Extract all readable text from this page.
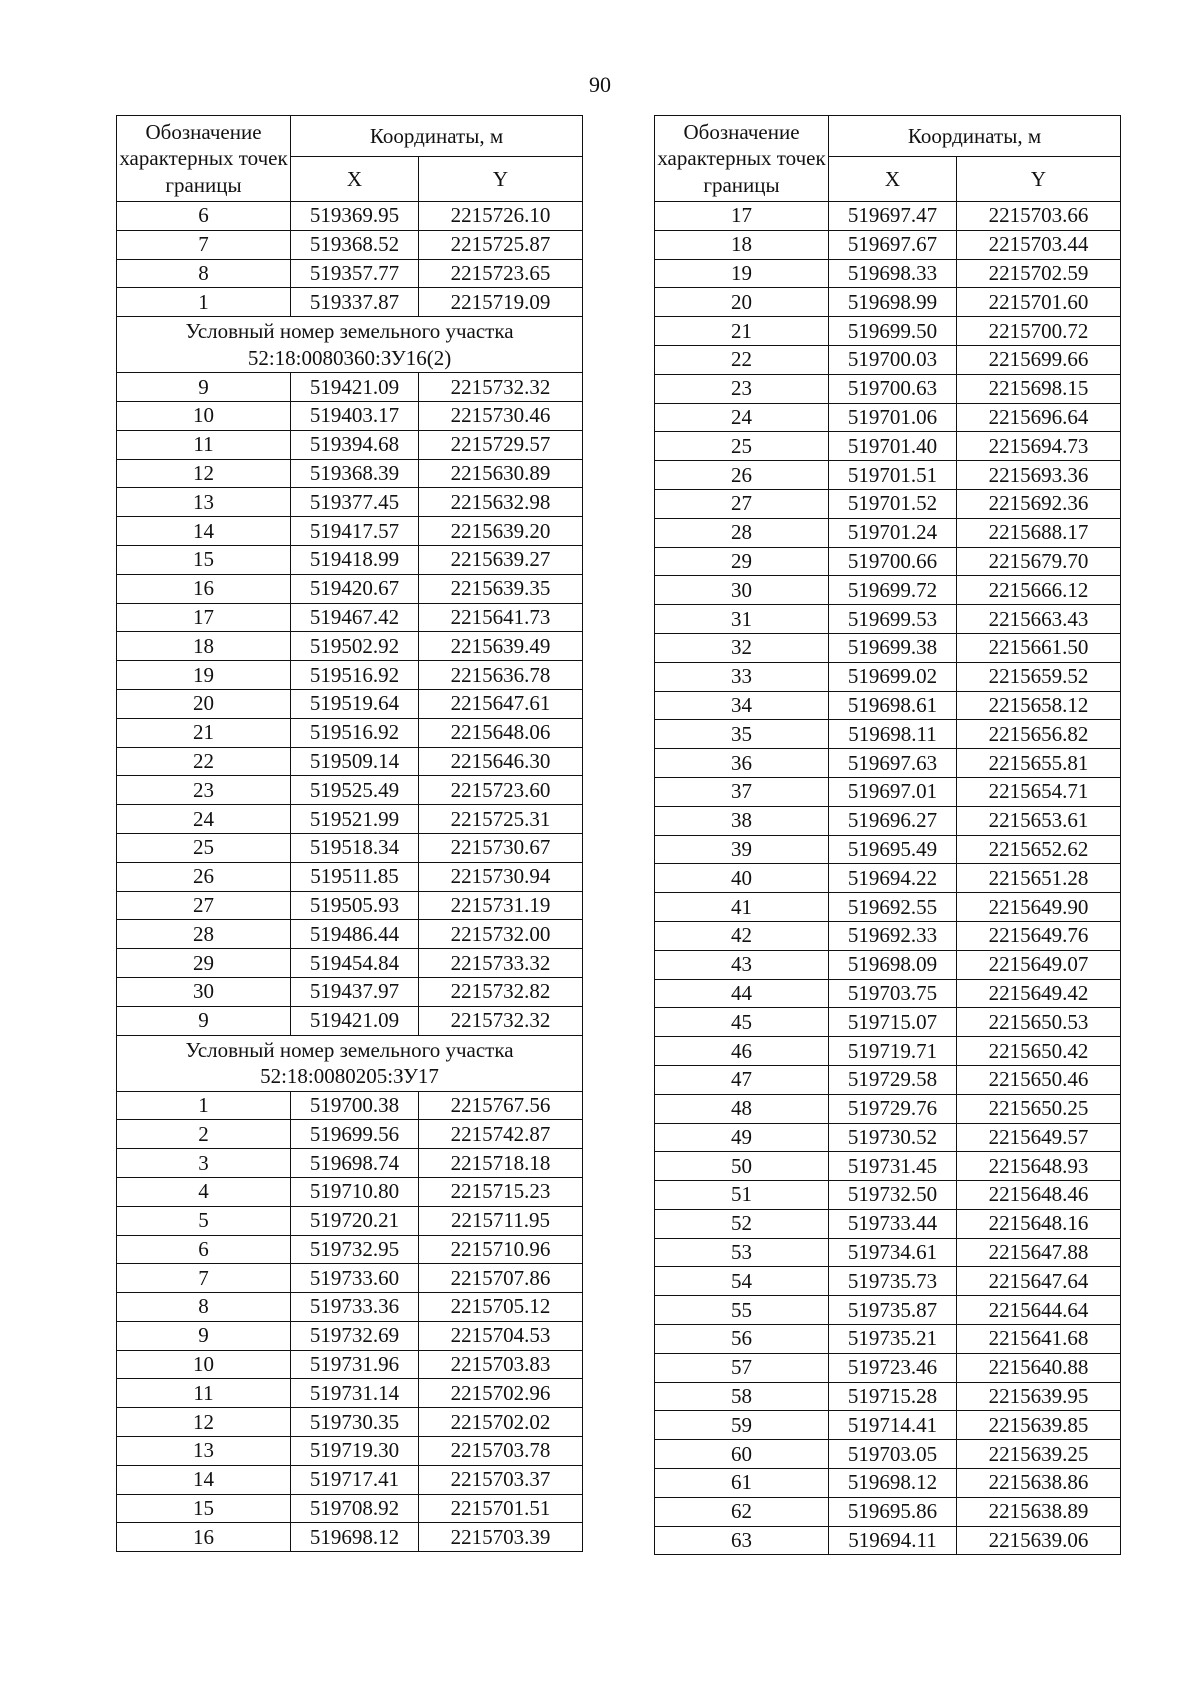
90
Обозначение характерных точек границы	Координаты, м	
	X	Y
6	519369.95	2215726.10
7	519368.52	2215725.87
8	519357.77	2215723.65
1	519337.87	2215719.09
Условный номер земельного участка 52:18:0080360:ЗУ16(2)		
9	519421.09	2215732.32
10	519403.17	2215730.46
11	519394.68	2215729.57
12	519368.39	2215630.89
13	519377.45	2215632.98
14	519417.57	2215639.20
15	519418.99	2215639.27
16	519420.67	2215639.35
17	519467.42	2215641.73
18	519502.92	2215639.49
19	519516.92	2215636.78
20	519519.64	2215647.61
21	519516.92	2215648.06
22	519509.14	2215646.30
23	519525.49	2215723.60
24	519521.99	2215725.31
25	519518.34	2215730.67
26	519511.85	2215730.94
27	519505.93	2215731.19
28	519486.44	2215732.00
29	519454.84	2215733.32
30	519437.97	2215732.82
9	519421.09	2215732.32
Условный номер земельного участка 52:18:0080205:ЗУ17		
1	519700.38	2215767.56
2	519699.56	2215742.87
3	519698.74	2215718.18
4	519710.80	2215715.23
5	519720.21	2215711.95
6	519732.95	2215710.96
7	519733.60	2215707.86
8	519733.36	2215705.12
9	519732.69	2215704.53
10	519731.96	2215703.83
11	519731.14	2215702.96
12	519730.35	2215702.02
13	519719.30	2215703.78
14	519717.41	2215703.37
15	519708.92	2215701.51
16	519698.12	2215703.39
Обозначение характерных точек границы	Координаты, м	
	X	Y
17	519697.47	2215703.66
18	519697.67	2215703.44
19	519698.33	2215702.59
20	519698.99	2215701.60
21	519699.50	2215700.72
22	519700.03	2215699.66
23	519700.63	2215698.15
24	519701.06	2215696.64
25	519701.40	2215694.73
26	519701.51	2215693.36
27	519701.52	2215692.36
28	519701.24	2215688.17
29	519700.66	2215679.70
30	519699.72	2215666.12
31	519699.53	2215663.43
32	519699.38	2215661.50
33	519699.02	2215659.52
34	519698.61	2215658.12
35	519698.11	2215656.82
36	519697.63	2215655.81
37	519697.01	2215654.71
38	519696.27	2215653.61
39	519695.49	2215652.62
40	519694.22	2215651.28
41	519692.55	2215649.90
42	519692.33	2215649.76
43	519698.09	2215649.07
44	519703.75	2215649.42
45	519715.07	2215650.53
46	519719.71	2215650.42
47	519729.58	2215650.46
48	519729.76	2215650.25
49	519730.52	2215649.57
50	519731.45	2215648.93
51	519732.50	2215648.46
52	519733.44	2215648.16
53	519734.61	2215647.88
54	519735.73	2215647.64
55	519735.87	2215644.64
56	519735.21	2215641.68
57	519723.46	2215640.88
58	519715.28	2215639.95
59	519714.41	2215639.85
60	519703.05	2215639.25
61	519698.12	2215638.86
62	519695.86	2215638.89
63	519694.11	2215639.06
